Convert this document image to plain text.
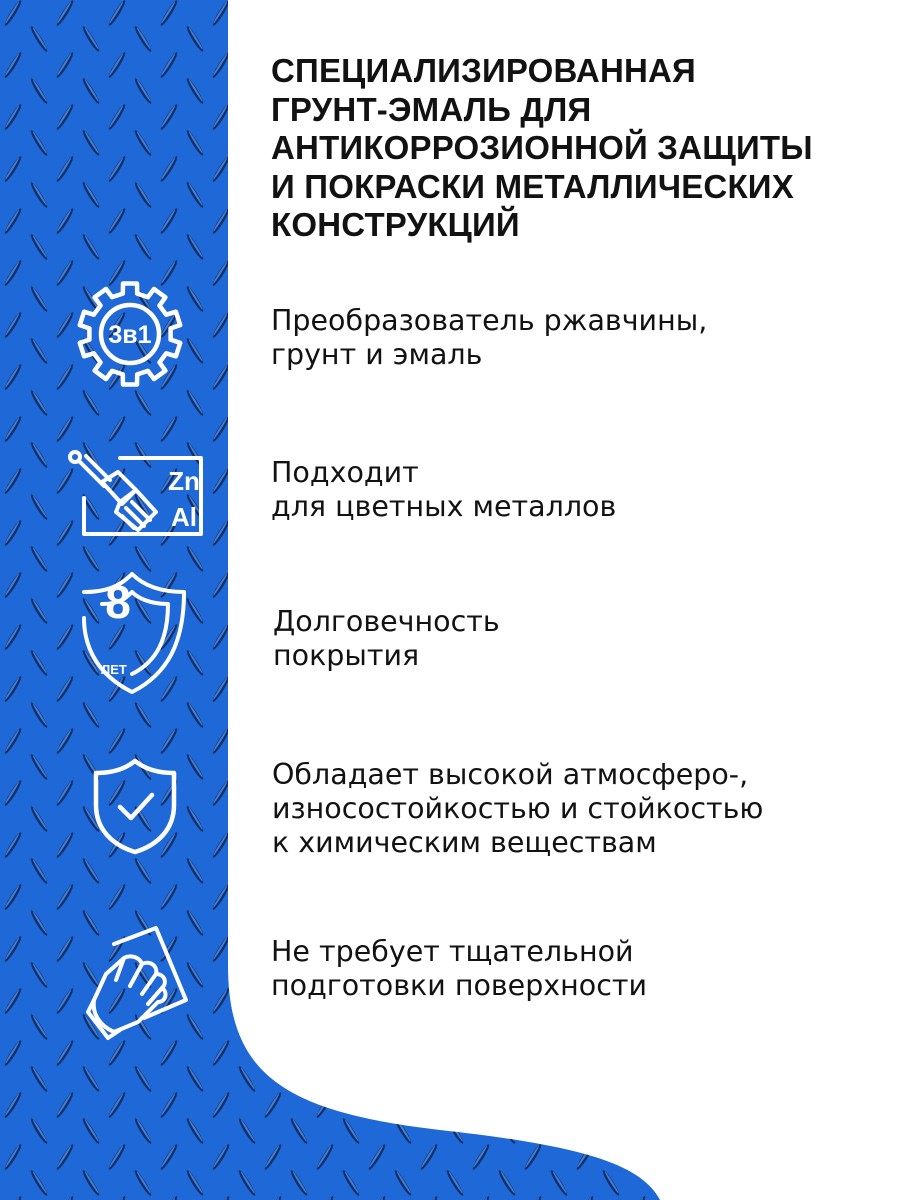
СПЕЦИАЛИЗИРОВАННАЯ
ГРУНТ-ЭМАЛЬ ДЛЯ
АНТИКОРРОЗИОННОЙ ЗАЩИТЫ
И ПОКРАСКИ МЕТАЛЛИЧЕСКИХ
КОНСТРУКЦИЙ
3в1	Преобразователь ржавчины,
грунт и эмаль

Zn
Al

Подходит
для цветных металлов

8
ЛЕТ

Долговечность
покрытия

Обладает высокой атмосферо-,
износостойкостью и стойкостью
к химическим веществам

Не требует тщательной
подготовки поверхности
